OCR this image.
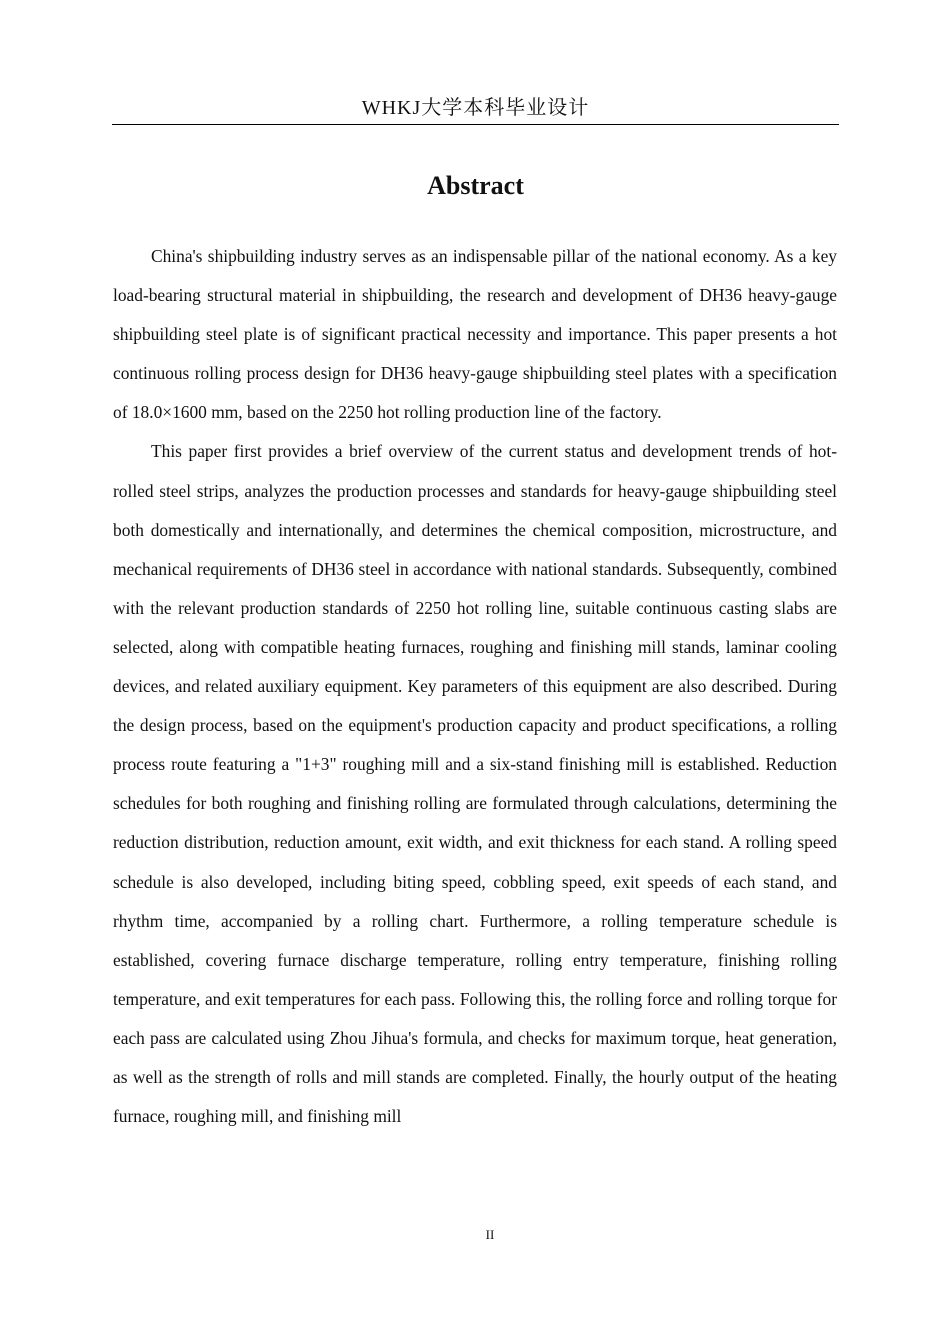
WHKJ大学本科毕业设计
Abstract

China's shipbuilding industry serves as an indispensable pillar of the national economy. As a key load-bearing structural material in shipbuilding, the research and development of DH36 heavy-gauge shipbuilding steel plate is of significant practical necessity and importance. This paper presents a hot continuous rolling process design for DH36 heavy-gauge shipbuilding steel plates with a specification of 18.0×1600 mm, based on the 2250 hot rolling production line of the factory.

This paper first provides a brief overview of the current status and development trends of hot-rolled steel strips, analyzes the production processes and standards for heavy-gauge shipbuilding steel both domestically and internationally, and determines the chemical composition, microstructure, and mechanical requirements of DH36 steel in accordance with national standards. Subsequently, combined with the relevant production standards of 2250 hot rolling line, suitable continuous casting slabs are selected, along with compatible heating furnaces, roughing and finishing mill stands, laminar cooling devices, and related auxiliary equipment. Key parameters of this equipment are also described. During the design process, based on the equipment's production capacity and product specifications, a rolling process route featuring a "1+3" roughing mill and a six-stand finishing mill is established. Reduction schedules for both roughing and finishing rolling are formulated through calculations, determining the reduction distribution, reduction amount, exit width, and exit thickness for each stand. A rolling speed schedule is also developed, including biting speed, cobbling speed, exit speeds of each stand, and rhythm time, accompanied by a rolling chart. Furthermore, a rolling temperature schedule is established, covering furnace discharge temperature, rolling entry temperature, finishing rolling temperature, and exit temperatures for each pass. Following this, the rolling force and rolling torque for each pass are calculated using Zhou Jihua's formula, and checks for maximum torque, heat generation, as well as the strength of rolls and mill stands are completed. Finally, the hourly output of the heating furnace, roughing mill, and finishing mill

II
